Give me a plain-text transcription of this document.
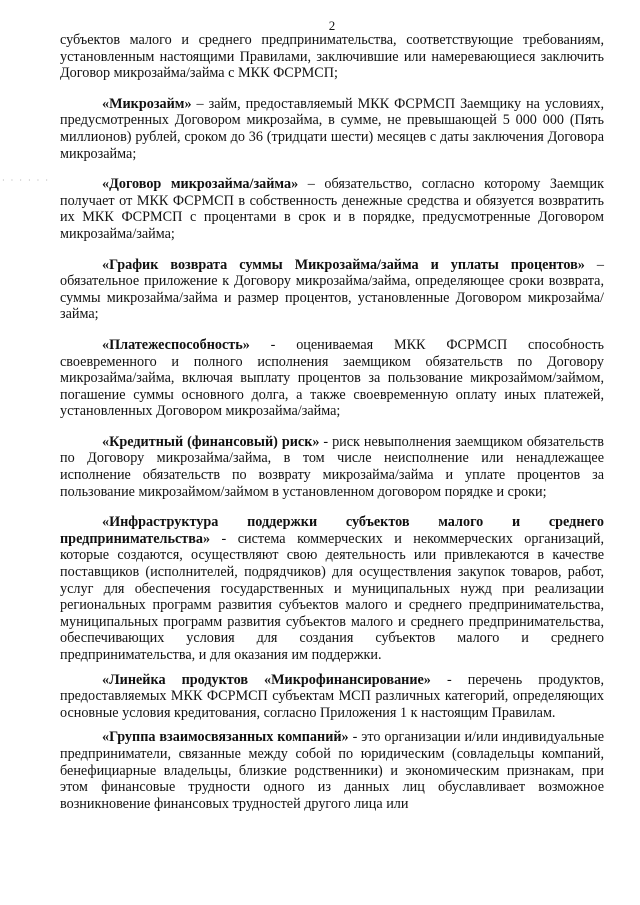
2
· · · · · ·

субъектов малого и среднего предпринимательства, соответствующие требованиям, установленным настоящими Правилами, заключившие или намеревающиеся заключить Договор микрозайма/займа с МКК ФСРМСП;

«Микрозайм» – займ, предоставляемый МКК ФСРМСП Заемщику на условиях, предусмотренных Договором микрозайма, в сумме, не превышающей 5 000 000 (Пять миллионов) рублей, сроком до 36 (тридцати шести) месяцев с даты заключения Договора микрозайма;

«Договор микрозайма/займа» – обязательство, согласно которому Заемщик получает от МКК ФСРМСП в собственность денежные средства и обязуется возвратить их МКК ФСРМСП с процентами в срок и в порядке, предусмотренные Договором микрозайма/займа;

«График возврата суммы Микрозайма/займа и уплаты процентов» – обязательное приложение к Договору микрозайма/займа, определяющее сроки возврата, суммы микрозайма/займа и размер процентов, установленные Договором микрозайма/займа;

«Платежеспособность» - оцениваемая МКК ФСРМСП способность своевременного и полного исполнения заемщиком обязательств по Договору микрозайма/займа, включая выплату процентов за пользование микрозаймом/займом, погашение суммы основного долга, а также своевременную оплату иных платежей, установленных Договором микрозайма/займа;

«Кредитный (финансовый) риск» - риск невыполнения заемщиком обязательств по Договору микрозайма/займа, в том числе неисполнение или ненадлежащее исполнение обязательств по возврату микрозайма/займа и уплате процентов за пользование микрозаймом/займом в установленном договором порядке и сроки;

«Инфраструктура поддержки субъектов малого и среднего предпринимательства» - система коммерческих и некоммерческих организаций, которые создаются, осуществляют свою деятельность или привлекаются в качестве поставщиков (исполнителей, подрядчиков) для осуществления закупок товаров, работ, услуг для обеспечения государственных и муниципальных нужд при реализации региональных программ развития субъектов малого и среднего предпринимательства, муниципальных программ развития субъектов малого и среднего предпринимательства, обеспечивающих условия для создания субъектов малого и среднего предпринимательства, и для оказания им поддержки.

«Линейка продуктов «Микрофинансирование» - перечень продуктов, предоставляемых МКК ФСРМСП субъектам МСП различных категорий, определяющих основные условия кредитования, согласно Приложения 1 к настоящим Правилам.

«Группа взаимосвязанных компаний» - это организации и/или индивидуальные предприниматели, связанные между собой по юридическим (совладельцы компаний, бенефициарные владельцы, близкие родственники) и экономическим признакам, при этом финансовые трудности одного из данных лиц обуславливает возможное возникновение финансовых трудностей другого лица или
